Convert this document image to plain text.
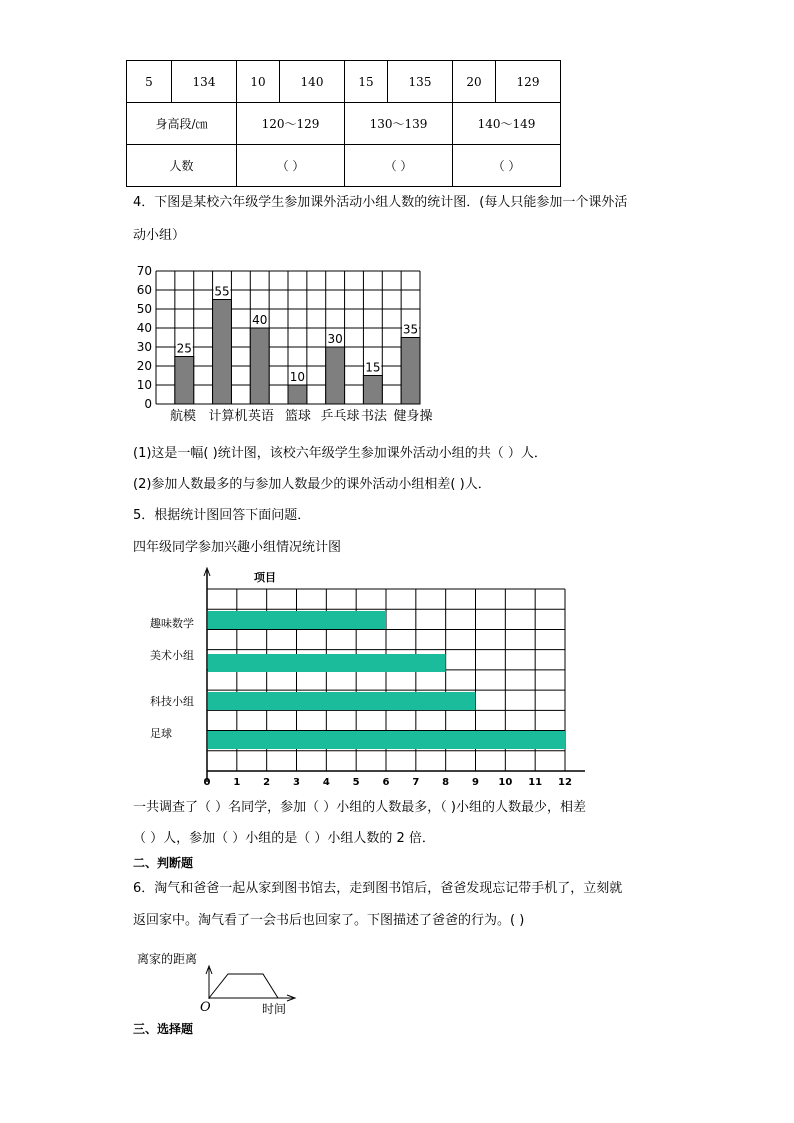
5	134	10	140	15	135	20	129
身高段/㎝		120～129		130～139		140～149	
人数		（ ）		（ ）		（ ）	
4．下图是某校六年级学生参加课外活动小组人数的统计图．(每人只能参加一个课外活
动小组）
0
10
20
30
40
50
60
70
25
55
40
10
30
15
35
航模 计算机 英语 篮球 乒乓球 书法 健身操
项目
趣味数学
美术小组
科技小组
足球
0 1 2 3 4 5 6 7 8 9 10 11 12
离家的距离
O	时间
(1)这是一幅( )统计图，该校六年级学生参加课外活动小组的共（ ）人．
(2)参加人数最多的与参加人数最少的课外活动小组相差( )人．
5．根据统计图回答下面问题．
四年级同学参加兴趣小组情况统计图
一共调查了（ ）名同学，参加（ ）小组的人数最多，（ )小组的人数最少，相差
（ ）人，参加（ ）小组的是（ ）小组人数的 2 倍．
二、判断题
6．淘气和爸爸一起从家到图书馆去，走到图书馆后，爸爸发现忘记带手机了，立刻就
返回家中。淘气看了一会书后也回家了。下图描述了爸爸的行为。( )
三、选择题
